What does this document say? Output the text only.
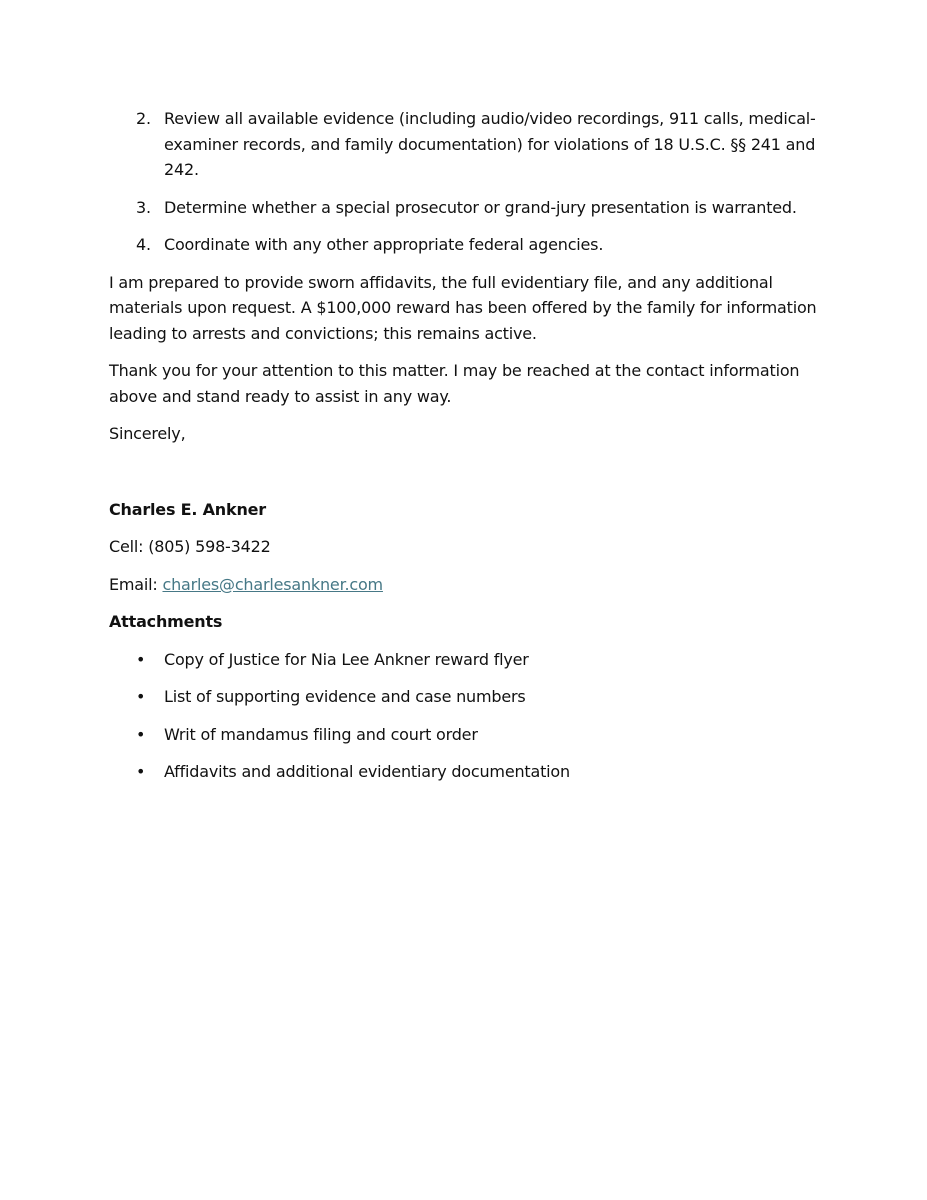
2. Review all available evidence (including audio/video recordings, 911 calls, medical-examiner records, and family documentation) for violations of 18 U.S.C. §§ 241 and 242.
3. Determine whether a special prosecutor or grand-jury presentation is warranted.
4. Coordinate with any other appropriate federal agencies.

I am prepared to provide sworn affidavits, the full evidentiary file, and any additional materials upon request. A $100,000 reward has been offered by the family for information leading to arrests and convictions; this remains active.

Thank you for your attention to this matter. I may be reached at the contact information above and stand ready to assist in any way.

Sincerely,

Charles E. Ankner

Cell: (805) 598-3422

Email: charles@charlesankner.com

Attachments

• Copy of Justice for Nia Lee Ankner reward flyer
• List of supporting evidence and case numbers
• Writ of mandamus filing and court order
• Affidavits and additional evidentiary documentation
